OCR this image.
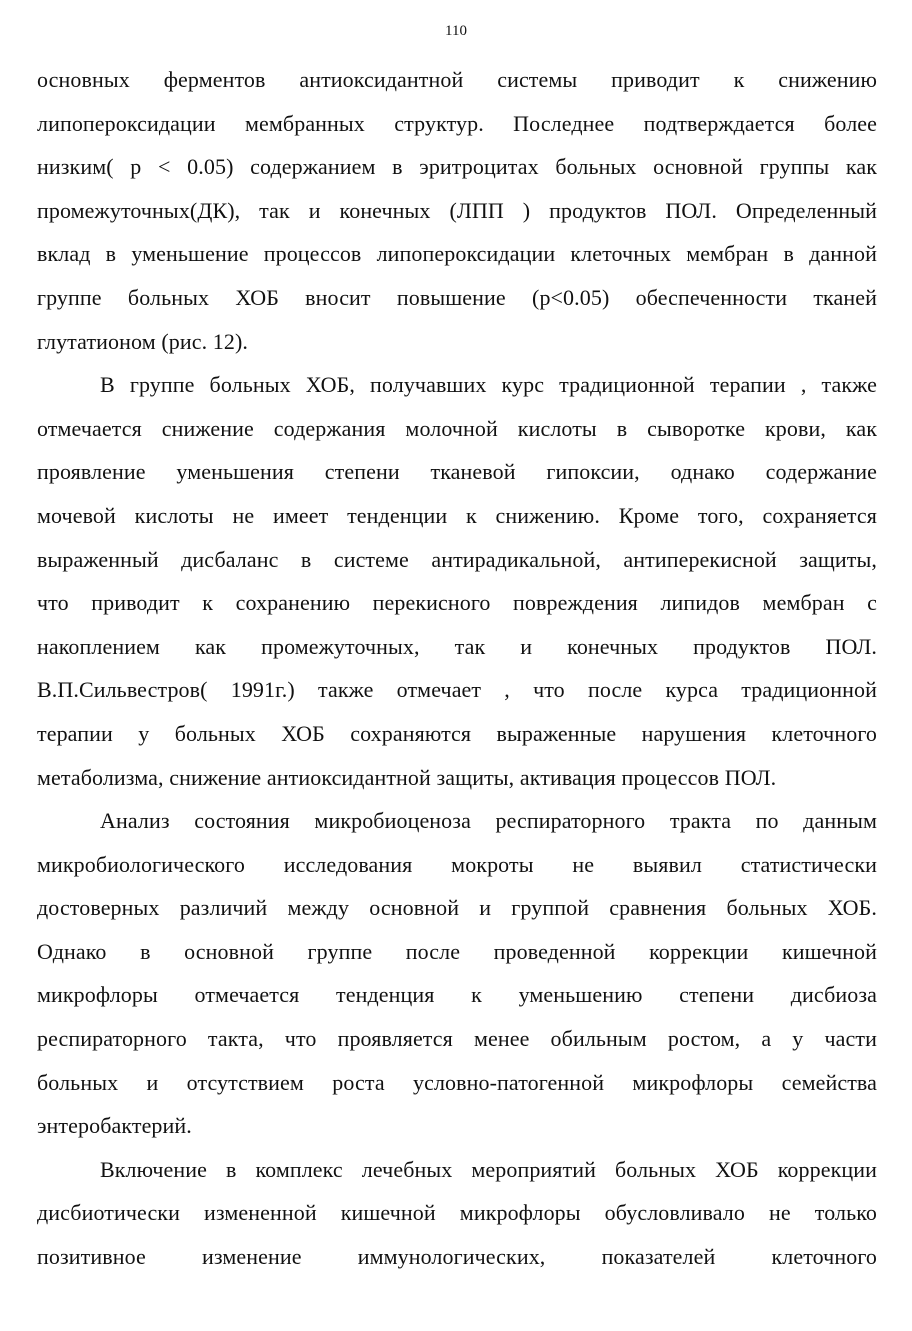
110
основных ферментов антиоксидантной системы приводит к снижению
липопероксидации мембранных структур. Последнее подтверждается более
низким( р < 0.05) содержанием в эритроцитах больных основной группы как
промежуточных(ДК), так и конечных (ЛПП ) продуктов ПОЛ. Определенный
вклад в уменьшение процессов липопероксидации клеточных мембран в данной
группе больных ХОБ вносит повышение (р<0.05) обеспеченности тканей
глутатионом (рис. 12).
В группе больных ХОБ, получавших курс традиционной терапии , также
отмечается снижение содержания молочной кислоты в сыворотке крови, как
проявление уменьшения степени тканевой гипоксии, однако содержание
мочевой кислоты не имеет тенденции к снижению. Кроме того, сохраняется
выраженный дисбаланс в системе антирадикальной, антиперекисной защиты,
что приводит к сохранению перекисного повреждения липидов мембран с
накоплением как промежуточных, так и конечных продуктов ПОЛ.
В.П.Сильвестров( 1991г.) также отмечает , что после курса традиционной
терапии у больных ХОБ сохраняются выраженные нарушения клеточного
метаболизма, снижение антиоксидантной защиты, активация процессов ПОЛ.
Анализ состояния микробиоценоза респираторного тракта по данным
микробиологического исследования мокроты не выявил статистически
достоверных различий между основной и группой сравнения больных ХОБ.
Однако в основной группе после проведенной коррекции кишечной
микрофлоры отмечается тенденция к уменьшению степени дисбиоза
респираторного такта, что проявляется менее обильным ростом, а у части
больных и отсутствием роста условно-патогенной микрофлоры семейства
энтеробактерий.
Включение в комплекс лечебных мероприятий больных ХОБ коррекции
дисбиотически измененной кишечной микрофлоры обусловливало не только
позитивное изменение иммунологических, показателей клеточного
